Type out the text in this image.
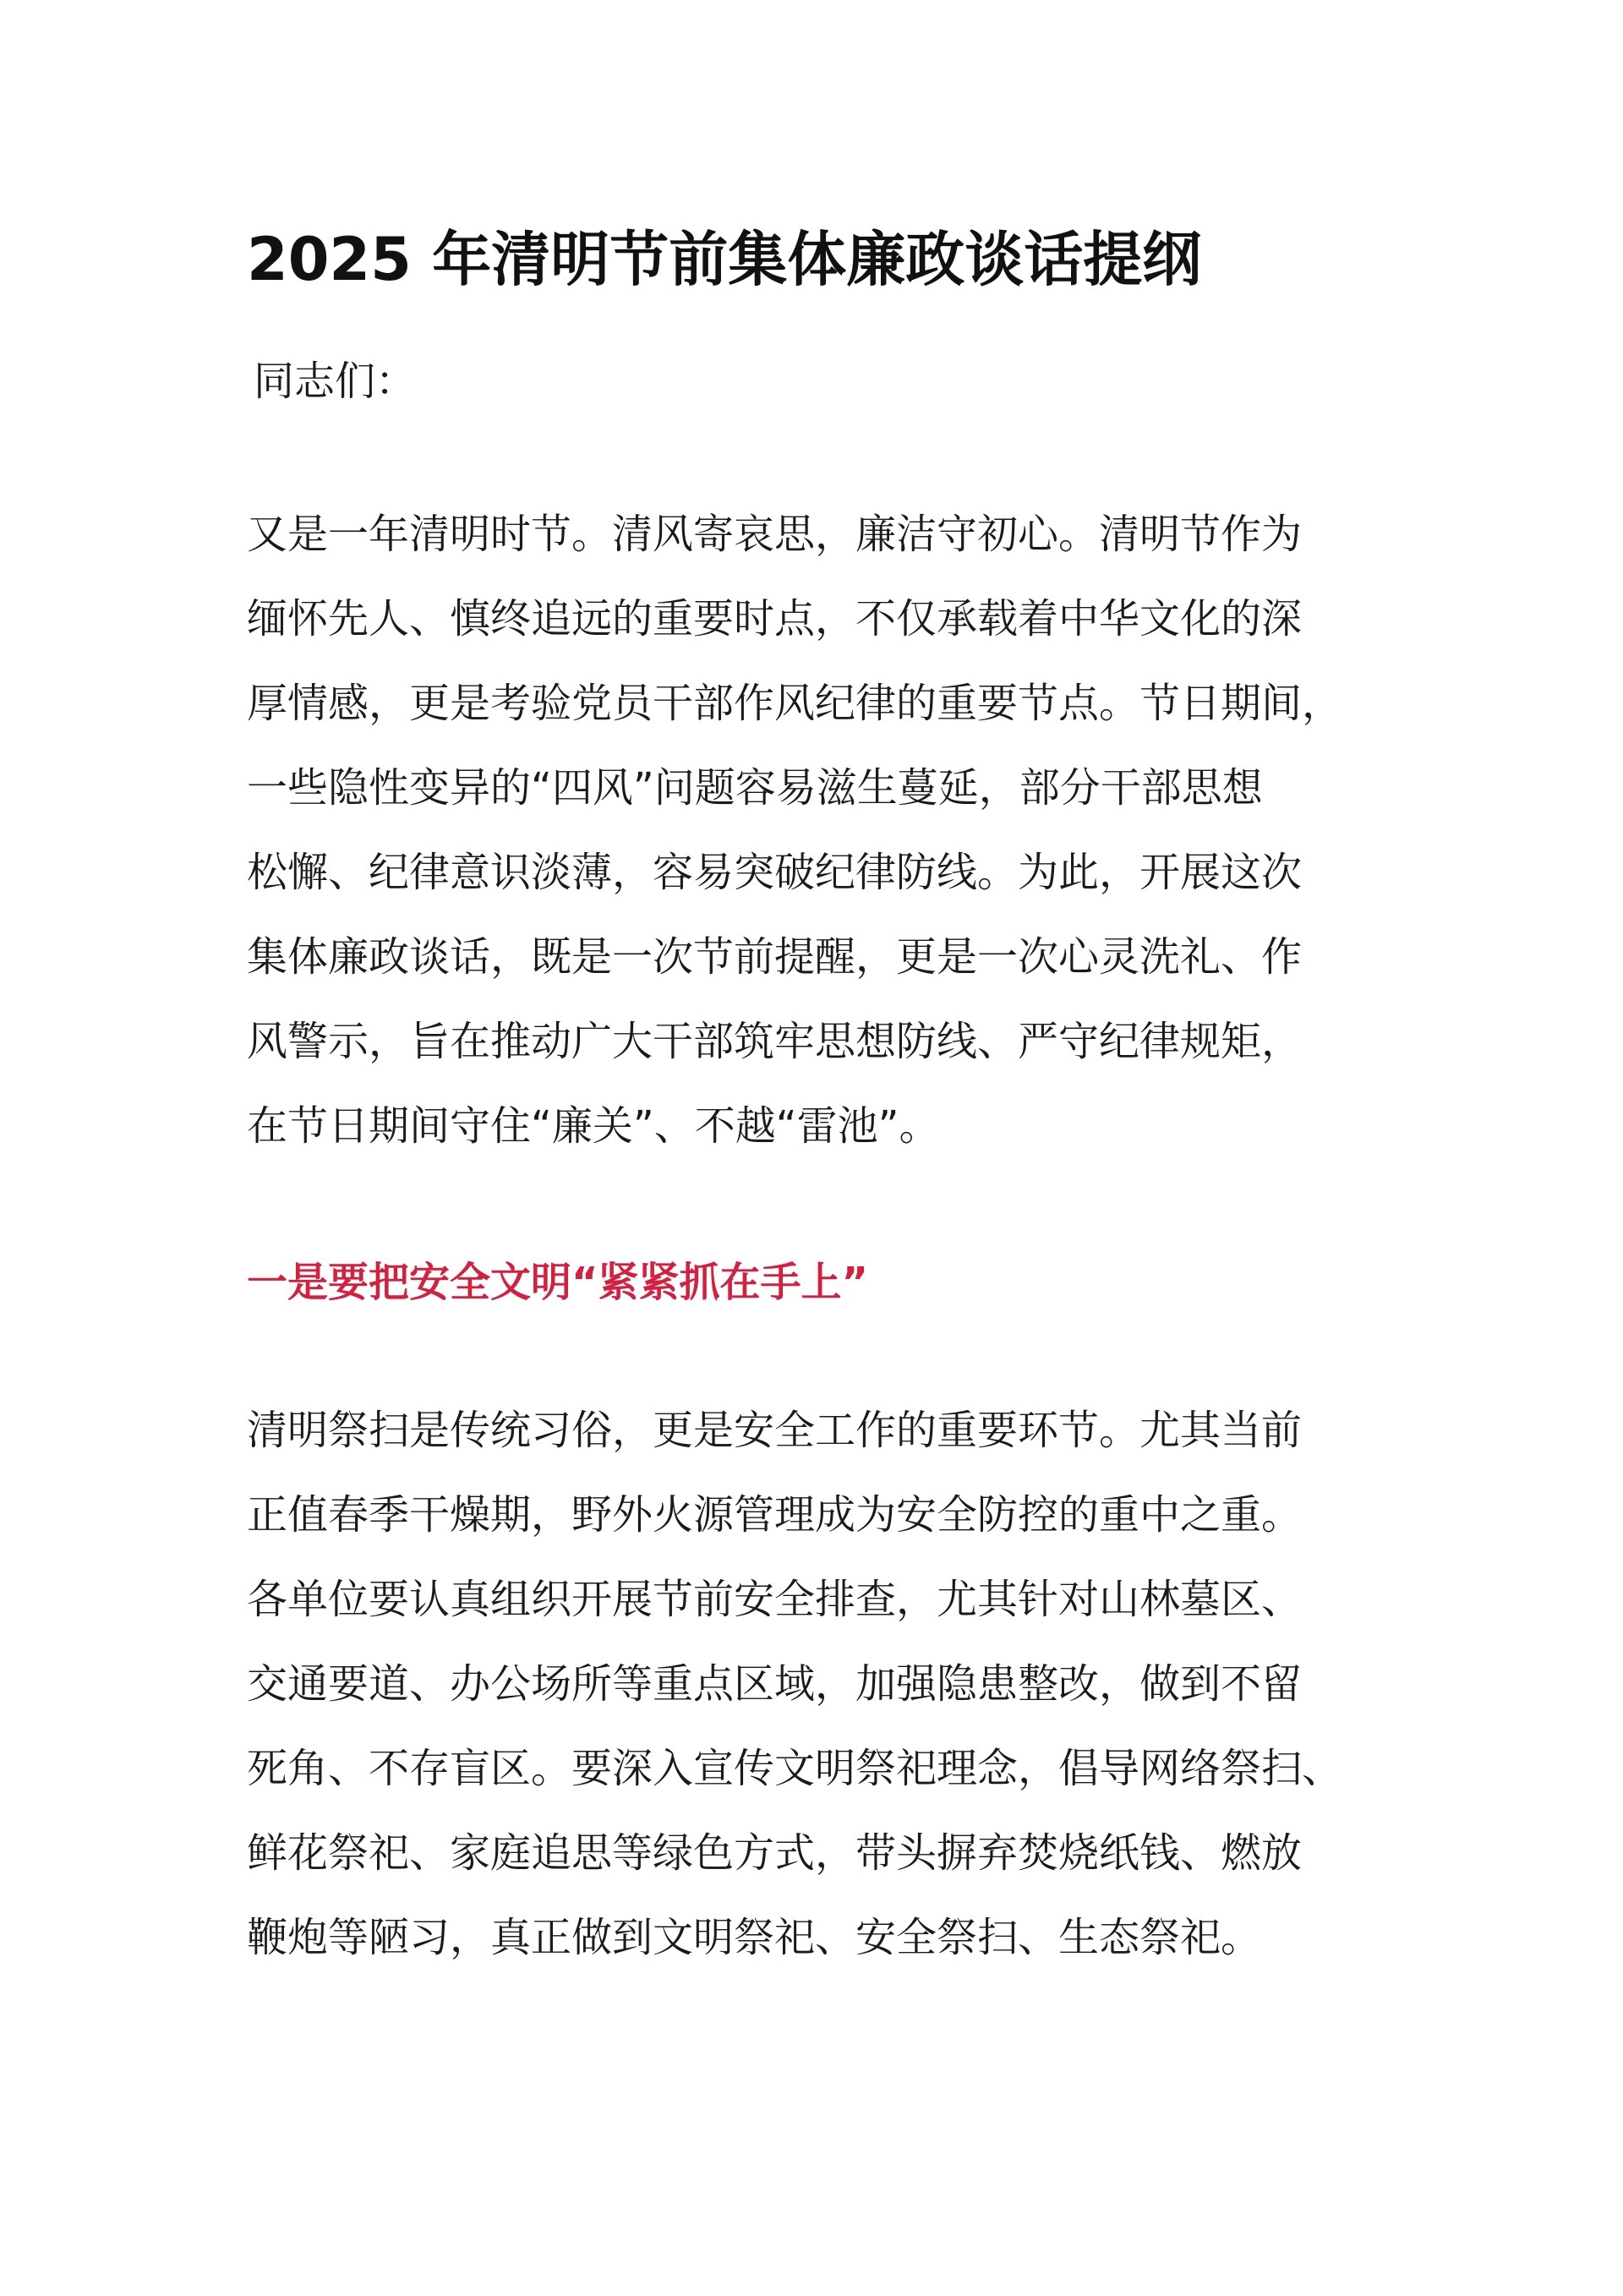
2025 年清明节前集体廉政谈话提纲

同志们：

又是一年清明时节。清风寄哀思，廉洁守初心。清明节作为
缅怀先人、慎终追远的重要时点，不仅承载着中华文化的深
厚情感，更是考验党员干部作风纪律的重要节点。节日期间，
一些隐性变异的“四风”问题容易滋生蔓延，部分干部思想
松懈、纪律意识淡薄，容易突破纪律防线。为此，开展这次
集体廉政谈话，既是一次节前提醒，更是一次心灵洗礼、作
风警示，旨在推动广大干部筑牢思想防线、严守纪律规矩，
在节日期间守住“廉关”、不越“雷池”。
一是要把安全文明“紧紧抓在手上”
清明祭扫是传统习俗，更是安全工作的重要环节。尤其当前
正值春季干燥期，野外火源管理成为安全防控的重中之重。
各单位要认真组织开展节前安全排查，尤其针对山林墓区、
交通要道、办公场所等重点区域，加强隐患整改，做到不留
死角、不存盲区。要深入宣传文明祭祀理念，倡导网络祭扫、
鲜花祭祀、家庭追思等绿色方式，带头摒弃焚烧纸钱、燃放
鞭炮等陋习，真正做到文明祭祀、安全祭扫、生态祭祀。
